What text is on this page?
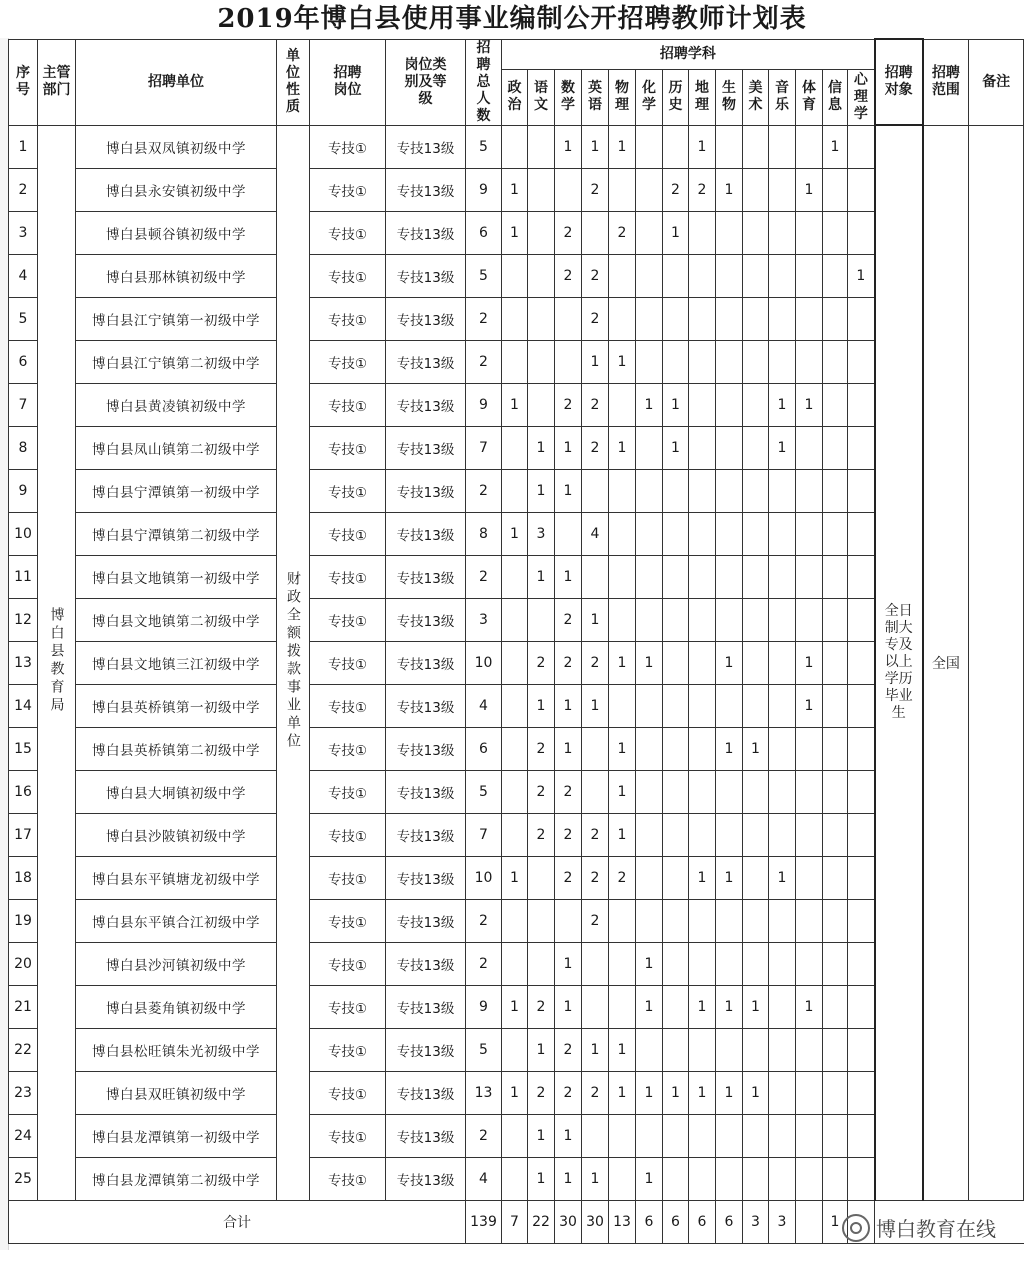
2019年博白县使用事业编制公开招聘教师计划表
序号	主管部门	招聘单位	单位性质	招聘岗位	岗位类别及等级	招聘总人数	招聘学科														招聘对象	招聘范围	备注
							政治	语文	数学	英语	物理	化学	历史	地理	生物	美术	音乐	体育	信息	心理学			
1	博白县教育局	博白县双凤镇初级中学	财政全额拨款事业单位	专技①	专技13级	5			1	1	1			1					1		全日制大专及以上学历毕业生	全国	
2		博白县永安镇初级中学		专技①	专技13级	9	1			2			2	2	1			1					
3		博白县顿谷镇初级中学		专技①	专技13级	6	1		2		2		1										
4		博白县那林镇初级中学		专技①	专技13级	5			2	2										1			
5		博白县江宁镇第一初级中学		专技①	专技13级	2				2													
6		博白县江宁镇第二初级中学		专技①	专技13级	2				1	1												
7		博白县黄凌镇初级中学		专技①	专技13级	9	1		2	2		1	1				1	1					
8		博白县凤山镇第二初级中学		专技①	专技13级	7		1	1	2	1		1				1						
9		博白县宁潭镇第一初级中学		专技①	专技13级	2		1	1														
10		博白县宁潭镇第二初级中学		专技①	专技13级	8	1	3		4													
11		博白县文地镇第一初级中学		专技①	专技13级	2		1	1														
12		博白县文地镇第二初级中学		专技①	专技13级	3			2	1													
13		博白县文地镇三江初级中学		专技①	专技13级	10		2	2	2	1	1			1			1					
14		博白县英桥镇第一初级中学		专技①	专技13级	4		1	1	1								1					
15		博白县英桥镇第二初级中学		专技①	专技13级	6		2	1		1				1	1							
16		博白县大垌镇初级中学		专技①	专技13级	5		2	2		1												
17		博白县沙陂镇初级中学		专技①	专技13级	7		2	2	2	1												
18		博白县东平镇塘龙初级中学		专技①	专技13级	10	1		2	2	2			1	1		1						
19		博白县东平镇合江初级中学		专技①	专技13级	2				2													
20		博白县沙河镇初级中学		专技①	专技13级	2			1			1											
21		博白县菱角镇初级中学		专技①	专技13级	9	1	2	1			1		1	1	1		1					
22		博白县松旺镇朱光初级中学		专技①	专技13级	5		1	2	1	1												
23		博白县双旺镇初级中学		专技①	专技13级	13	1	2	2	2	1	1	1	1	1	1							
24		博白县龙潭镇第一初级中学		专技①	专技13级	2		1	1														
25		博白县龙潭镇第二初级中学		专技①	专技13级	4		1	1	1		1											
合计						139	7	22	30	30	13	6	6	6	6	3	3		1				博白教育在线
